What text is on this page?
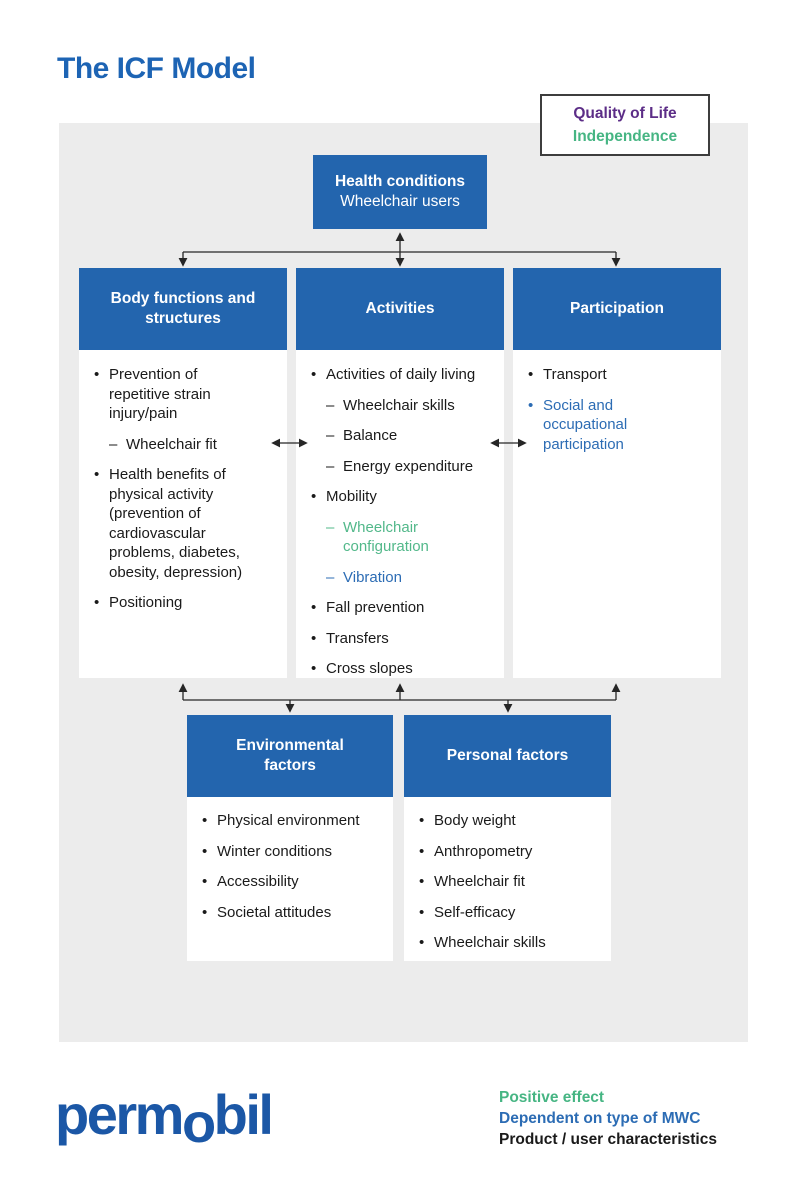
The ICF Model
Quality of Life
Independence
Health conditions
Wheelchair users
Body functions and structures
• Prevention of repetitive strain injury/pain
– Wheelchair fit
• Health benefits of physical activity (prevention of cardiovascular problems, diabetes, obesity, depression)
• Positioning
Activities
• Activities of daily living
– Wheelchair skills
– Balance
– Energy expenditure
• Mobility
– Wheelchair configuration
– Vibration
• Fall prevention
• Transfers
• Cross slopes
Participation
• Transport
• Social and occupational participation
Environmental factors
• Physical environment
• Winter conditions
• Accessibility
• Societal attitudes
Personal factors
• Body weight
• Anthropometry
• Wheelchair fit
• Self-efficacy
• Wheelchair skills
permobil	Positive effect
Dependent on type of MWC
Product / user characteristics
